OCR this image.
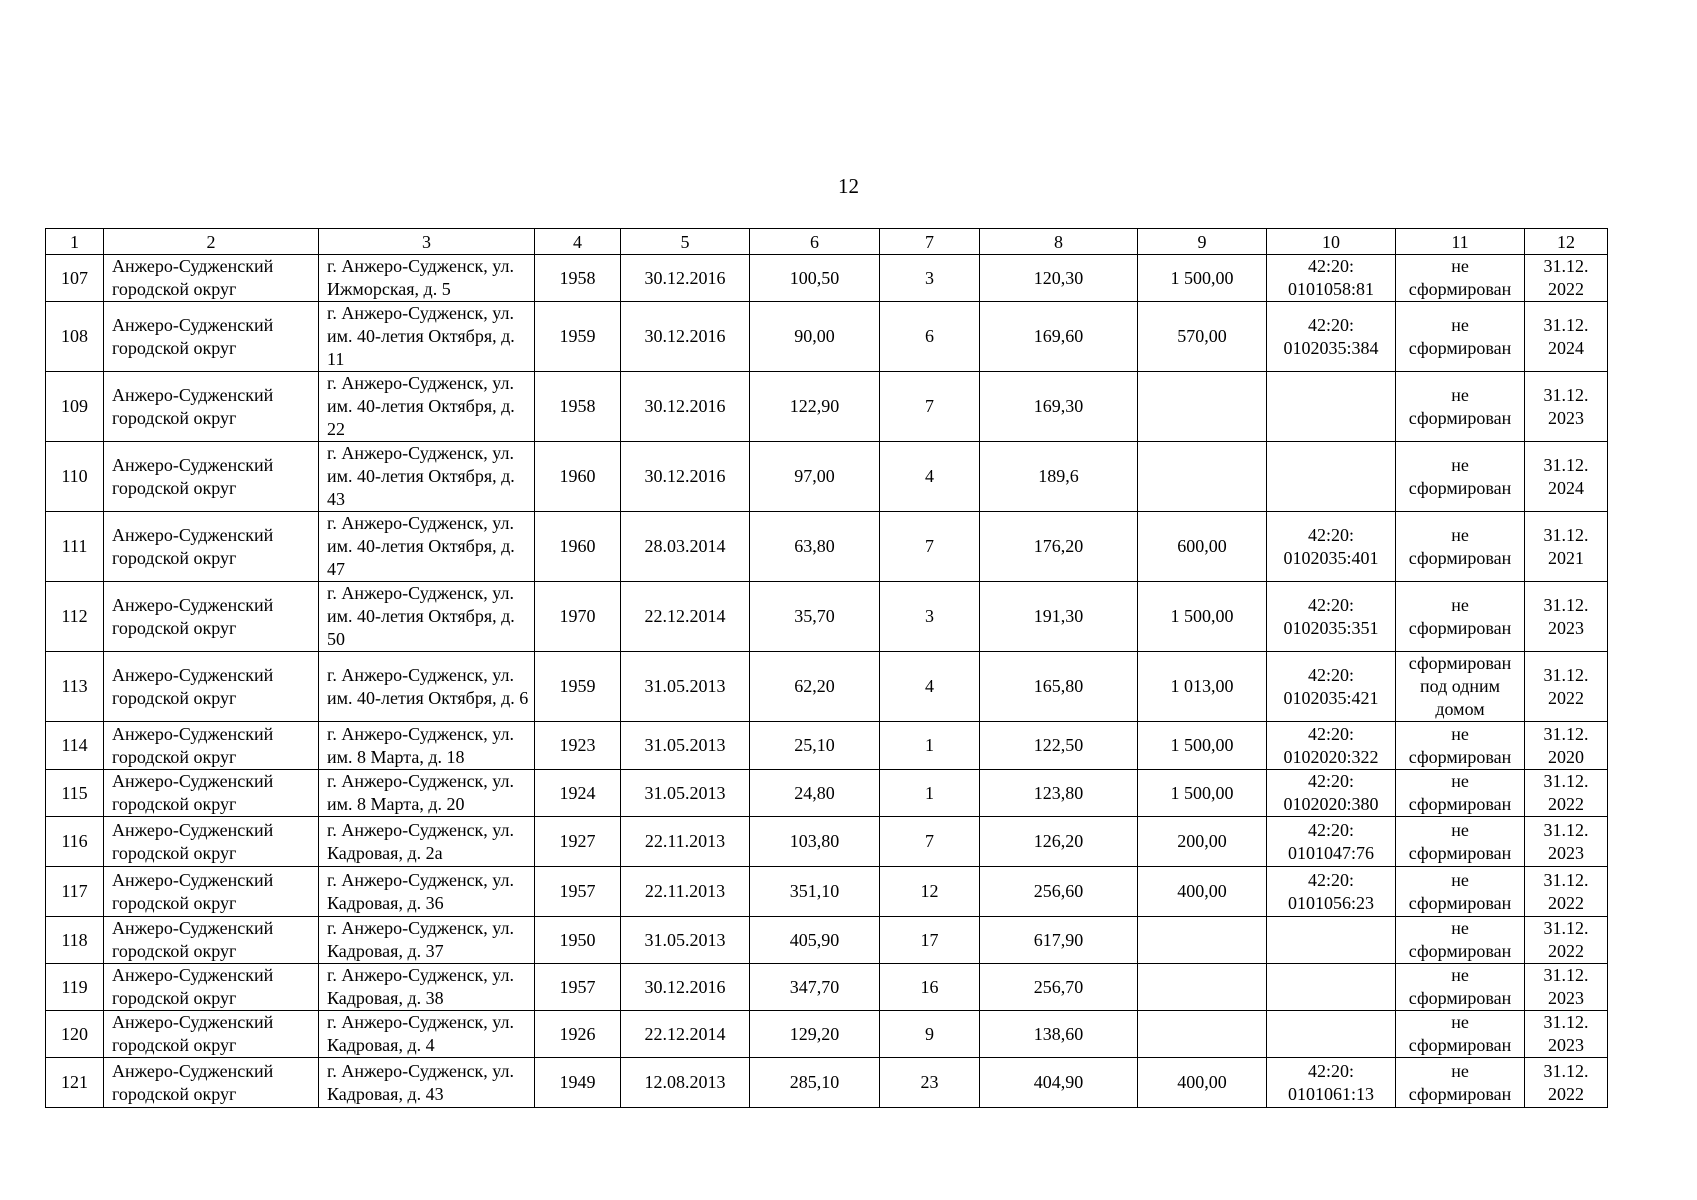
12
1	2	3	4	5	6	7	8	9	10	11	12
107	Анжеро-Судженский городской округ	г. Анжеро-Судженск, ул. Ижморская, д. 5	1958	30.12.2016	100,50	3	120,30	1 500,00	42:20: 0101058:81	не сформирован	31.12. 2022
108	Анжеро-Судженский городской округ	г. Анжеро-Судженск, ул. им. 40-летия Октября, д. 11	1959	30.12.2016	90,00	6	169,60	570,00	42:20: 0102035:384	не сформирован	31.12. 2024
109	Анжеро-Судженский городской округ	г. Анжеро-Судженск, ул. им. 40-летия Октября, д. 22	1958	30.12.2016	122,90	7	169,30			не сформирован	31.12. 2023
110	Анжеро-Судженский городской округ	г. Анжеро-Судженск, ул. им. 40-летия Октября, д. 43	1960	30.12.2016	97,00	4	189,6			не сформирован	31.12. 2024
111	Анжеро-Судженский городской округ	г. Анжеро-Судженск, ул. им. 40-летия Октября, д. 47	1960	28.03.2014	63,80	7	176,20	600,00	42:20: 0102035:401	не сформирован	31.12. 2021
112	Анжеро-Судженский городской округ	г. Анжеро-Судженск, ул. им. 40-летия Октября, д. 50	1970	22.12.2014	35,70	3	191,30	1 500,00	42:20: 0102035:351	не сформирован	31.12. 2023
113	Анжеро-Судженский городской округ	г. Анжеро-Судженск, ул. им. 40-летия Октября, д. 6	1959	31.05.2013	62,20	4	165,80	1 013,00	42:20: 0102035:421	сформирован под одним домом	31.12. 2022
114	Анжеро-Судженский городской округ	г. Анжеро-Судженск, ул. им. 8 Марта, д. 18	1923	31.05.2013	25,10	1	122,50	1 500,00	42:20: 0102020:322	не сформирован	31.12. 2020
115	Анжеро-Судженский городской округ	г. Анжеро-Судженск, ул. им. 8 Марта, д. 20	1924	31.05.2013	24,80	1	123,80	1 500,00	42:20: 0102020:380	не сформирован	31.12. 2022
116	Анжеро-Судженский городской округ	г. Анжеро-Судженск, ул. Кадровая, д. 2а	1927	22.11.2013	103,80	7	126,20	200,00	42:20: 0101047:76	не сформирован	31.12. 2023
117	Анжеро-Судженский городской округ	г. Анжеро-Судженск, ул. Кадровая, д. 36	1957	22.11.2013	351,10	12	256,60	400,00	42:20: 0101056:23	не сформирован	31.12. 2022
118	Анжеро-Судженский городской округ	г. Анжеро-Судженск, ул. Кадровая, д. 37	1950	31.05.2013	405,90	17	617,90			не сформирован	31.12. 2022
119	Анжеро-Судженский городской округ	г. Анжеро-Судженск, ул. Кадровая, д. 38	1957	30.12.2016	347,70	16	256,70			не сформирован	31.12. 2023
120	Анжеро-Судженский городской округ	г. Анжеро-Судженск, ул. Кадровая, д. 4	1926	22.12.2014	129,20	9	138,60			не сформирован	31.12. 2023
121	Анжеро-Судженский городской округ	г. Анжеро-Судженск, ул. Кадровая, д. 43	1949	12.08.2013	285,10	23	404,90	400,00	42:20: 0101061:13	не сформирован	31.12. 2022
